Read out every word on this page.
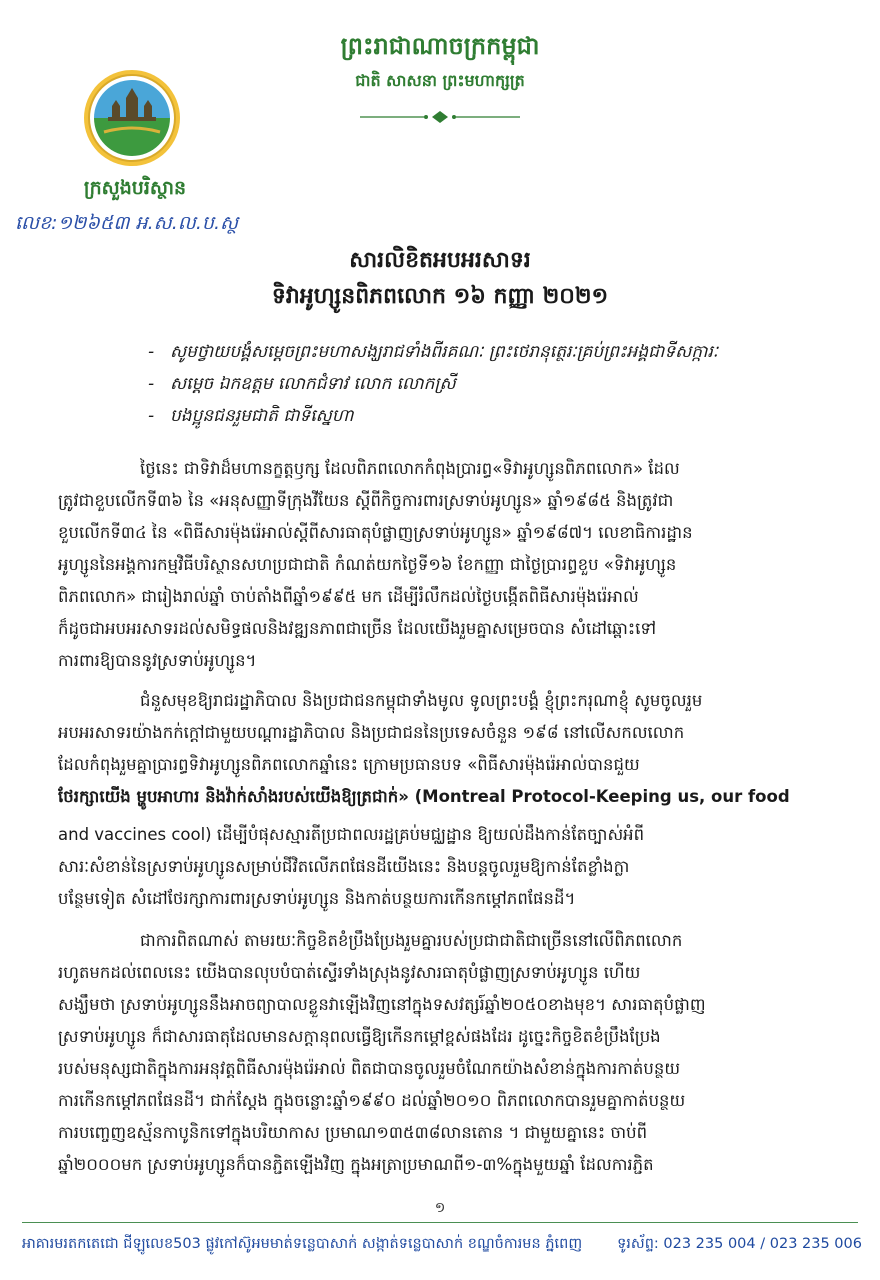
ព្រះរាជាណាចក្រកម្ពុជា
ជាតិ សាសនា ព្រះមហាក្សត្រ
ក្រសួងបរិស្ថាន
លេខ:១២៦៥៣ អ.ស.ល.ប.ស្ថ
សារលិខិតអបអរសាទរ
ទិវាអូហ្សូនពិភពលោក ១៦ កញ្ញា ២០២១
- សូមថ្វាយបង្គំសម្តេចព្រះមហាសង្ឃរាជទាំងពីរគណៈ ព្រះថេរានុត្ថេរៈគ្រប់ព្រះអង្គជាទីសក្ការៈ
- សម្តេច ឯកឧត្តម លោកជំទាវ លោក លោកស្រី
- បងប្អូនជនរួមជាតិ ជាទីស្នេហា
ថ្ងៃនេះ ជាទិវាដ៏មហានក្ខត្តឫក្ស ដែលពិភពលោកកំពុងប្រារព្ធ«ទិវាអូហ្សូនពិភពលោក» ដែល
ត្រូវជាខួបលើកទី៣៦ នៃ «អនុសញ្ញាទីក្រុងវីយែន ស្តីពីកិច្ចការពារស្រទាប់អូហ្សូន» ឆ្នាំ១៩៨៥ និងត្រូវជា
ខួបលើកទី៣៤ នៃ «ពិធីសារម៉ុងរ៉េអាល់ស្តីពីសារធាតុបំផ្លាញស្រទាប់អូហ្សូន» ឆ្នាំ១៩៨៧។ លេខាធិការដ្ឋាន
អូហ្សូននៃអង្គការកម្មវិធីបរិស្ថានសហប្រជាជាតិ កំណត់យកថ្ងៃទី១៦ ខែកញ្ញា ជាថ្ងៃប្រារព្ធខួប «ទិវាអូហ្សូន
ពិភពលោក» ជារៀងរាល់ឆ្នាំ ចាប់តាំងពីឆ្នាំ១៩៩៥ មក ដើម្បីរំលឹកដល់ថ្ងៃបង្កើតពិធីសារម៉ុងរ៉េអាល់
ក៏ដូចជាអបអរសាទរដល់សមិទ្ធផលនិងវឌ្ឍនភាពជាច្រើន ដែលយើងរួមគ្នាសម្រេចបាន សំដៅឆ្ពោះទៅ
ការពារឱ្យបាននូវស្រទាប់អូហ្សូន។
ជំនួសមុខឱ្យរាជរដ្ឋាភិបាល និងប្រជាជនកម្ពុជាទាំងមូល ទូលព្រះបង្គំ ខ្ញុំព្រះករុណាខ្ញុំ សូមចូលរួម
អបអរសាទរយ៉ាងកក់ក្តៅជាមួយបណ្តារដ្ឋាភិបាល និងប្រជាជននៃប្រទេសចំនួន ១៩៨ នៅលើសកលលោក
ដែលកំពុងរួមគ្នាប្រារព្ធទិវាអូហ្សូនពិភពលោកឆ្នាំនេះ ក្រោមប្រធានបទ «ពិធីសារម៉ុងរ៉េអាល់បានជួយ
ថែរក្សាយើង ម្ហូបអាហារ និងវ៉ាក់សាំងរបស់យើងឱ្យត្រជាក់» (Montreal Protocol-Keeping us, our food
and vaccines cool) ដើម្បីបំផុសស្មារតីប្រជាពលរដ្ឋគ្រប់មជ្ឈដ្ឋាន ឱ្យយល់ដឹងកាន់តែច្បាស់អំពី
សារៈសំខាន់នៃស្រទាប់អូហ្សូនសម្រាប់ជីវិតលើភពផែនដីយើងនេះ និងបន្តចូលរួមឱ្យកាន់តែខ្លាំងក្លា
បន្ថែមទៀត សំដៅថែរក្សាការពារស្រទាប់អូហ្សូន និងកាត់បន្ថយការកើនកម្តៅភពផែនដី។
ជាការពិតណាស់ តាមរយៈកិច្ចខិតខំប្រឹងប្រែងរួមគ្នារបស់ប្រជាជាតិជាច្រើននៅលើពិភពលោក
រហូតមកដល់ពេលនេះ យើងបានលុបបំបាត់ស្ទើរទាំងស្រុងនូវសារធាតុបំផ្លាញស្រទាប់អូហ្សូន ហើយ
សង្ឃឹមថា ស្រទាប់អូហ្សូននឹងអាចព្យាបាលខ្លួនវាឡើងវិញនៅក្នុងទសវត្សរ៍ឆ្នាំ២០៥០ខាងមុខ។ សារធាតុបំផ្លាញ
ស្រទាប់អូហ្សូន ក៏ជាសារធាតុដែលមានសក្តានុពលធ្វើឱ្យកើនកម្តៅខ្ពស់ផងដែរ ដូច្នេះកិច្ចខិតខំប្រឹងប្រែង
របស់មនុស្សជាតិក្នុងការអនុវត្តពិធីសារម៉ុងរ៉េអាល់ ពិតជាបានចូលរួមចំណែកយ៉ាងសំខាន់ក្នុងការកាត់បន្ថយ
ការកើនកម្តៅភពផែនដី។ ជាក់ស្តែង ក្នុងចន្លោះឆ្នាំ១៩៩០ ដល់ឆ្នាំ២០១០ ពិភពលោកបានរួមគ្នាកាត់បន្ថយ
ការបញ្ចេញឧស្ម័នកាបូនិកទៅក្នុងបរិយាកាស ប្រមាណ១៣៥៣៨លានតោន ។ ជាមួយគ្នានេះ ចាប់ពី
ឆ្នាំ២០០០មក ស្រទាប់អូហ្សូនក៏បានភ្ជិតឡើងវិញ ក្នុងអត្រាប្រមាណពី១-៣%ក្នុងមួយឆ្នាំ ដែលការភ្ជិត
១
អាគារមរតកតេជោ ជីឡូលេខ503 ផ្លូវកៅស៊ូអមមាត់ទន្លេបាសាក់ សង្កាត់ទន្លេបាសាក់ ខណ្ឌចំការមន ភ្នំពេញ	ទូរស័ព្ទ: 023 235 004 / 023 235 006
